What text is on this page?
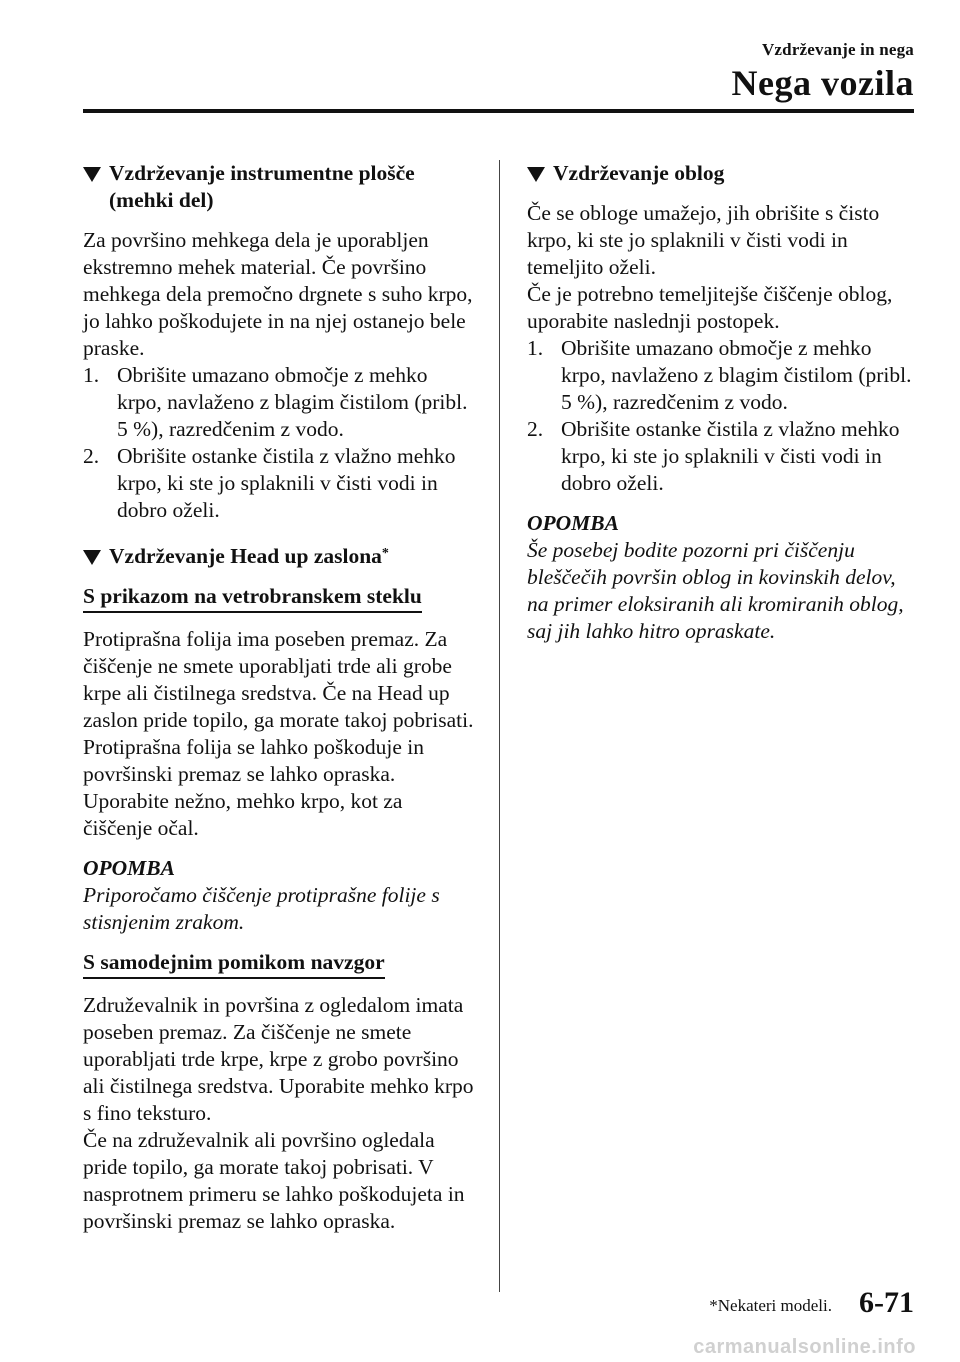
Vzdrževanje in nega
Nega vozila
Vzdrževanje instrumentne plošče
(mehki del)

Za površino mehkega dela je uporabljen ekstremno mehek material. Če površino mehkega dela premočno drgnete s suho krpo, jo lahko poškodujete in na njej ostanejo bele praske.

1. Obrišite umazano območje z mehko krpo, navlaženo z blagim čistilom (pribl. 5 %), razredčenim z vodo.
2. Obrišite ostanke čistila z vlažno mehko krpo, ki ste jo splaknili v čisti vodi in dobro oželi.
Vzdrževanje Head up zaslona*
S prikazom na vetrobranskem steklu

Protiprašna folija ima poseben premaz. Za čiščenje ne smete uporabljati trde ali grobe krpe ali čistilnega sredstva. Če na Head up zaslon pride topilo, ga morate takoj pobrisati. Protiprašna folija se lahko poškoduje in površinski premaz se lahko opraska. Uporabite nežno, mehko krpo, kot za čiščenje očal.

OPOMBA

Priporočamo čiščenje protiprašne folije s stisnjenim zrakom.

S samodejnim pomikom navzgor

Združevalnik in površina z ogledalom imata poseben premaz. Za čiščenje ne smete uporabljati trde krpe, krpe z grobo površino ali čistilnega sredstva. Uporabite mehko krpo s fino teksturo.

Če na združevalnik ali površino ogledala pride topilo, ga morate takoj pobrisati. V nasprotnem primeru se lahko poškodujeta in površinski premaz se lahko opraska.

Vzdrževanje oblog

Če se obloge umažejo, jih obrišite s čisto krpo, ki ste jo splaknili v čisti vodi in temeljito oželi.

Če je potrebno temeljitejše čiščenje oblog, uporabite naslednji postopek.

1. Obrišite umazano območje z mehko krpo, navlaženo z blagim čistilom (pribl. 5 %), razredčenim z vodo.
2. Obrišite ostanke čistila z vlažno mehko krpo, ki ste jo splaknili v čisti vodi in dobro oželi.

OPOMBA

Še posebej bodite pozorni pri čiščenju bleščečih površin oblog in kovinskih delov, na primer eloksiranih ali kromiranih oblog, saj jih lahko hitro opraskate.

*Nekateri modeli. 6-71
carmanualsonline.info
